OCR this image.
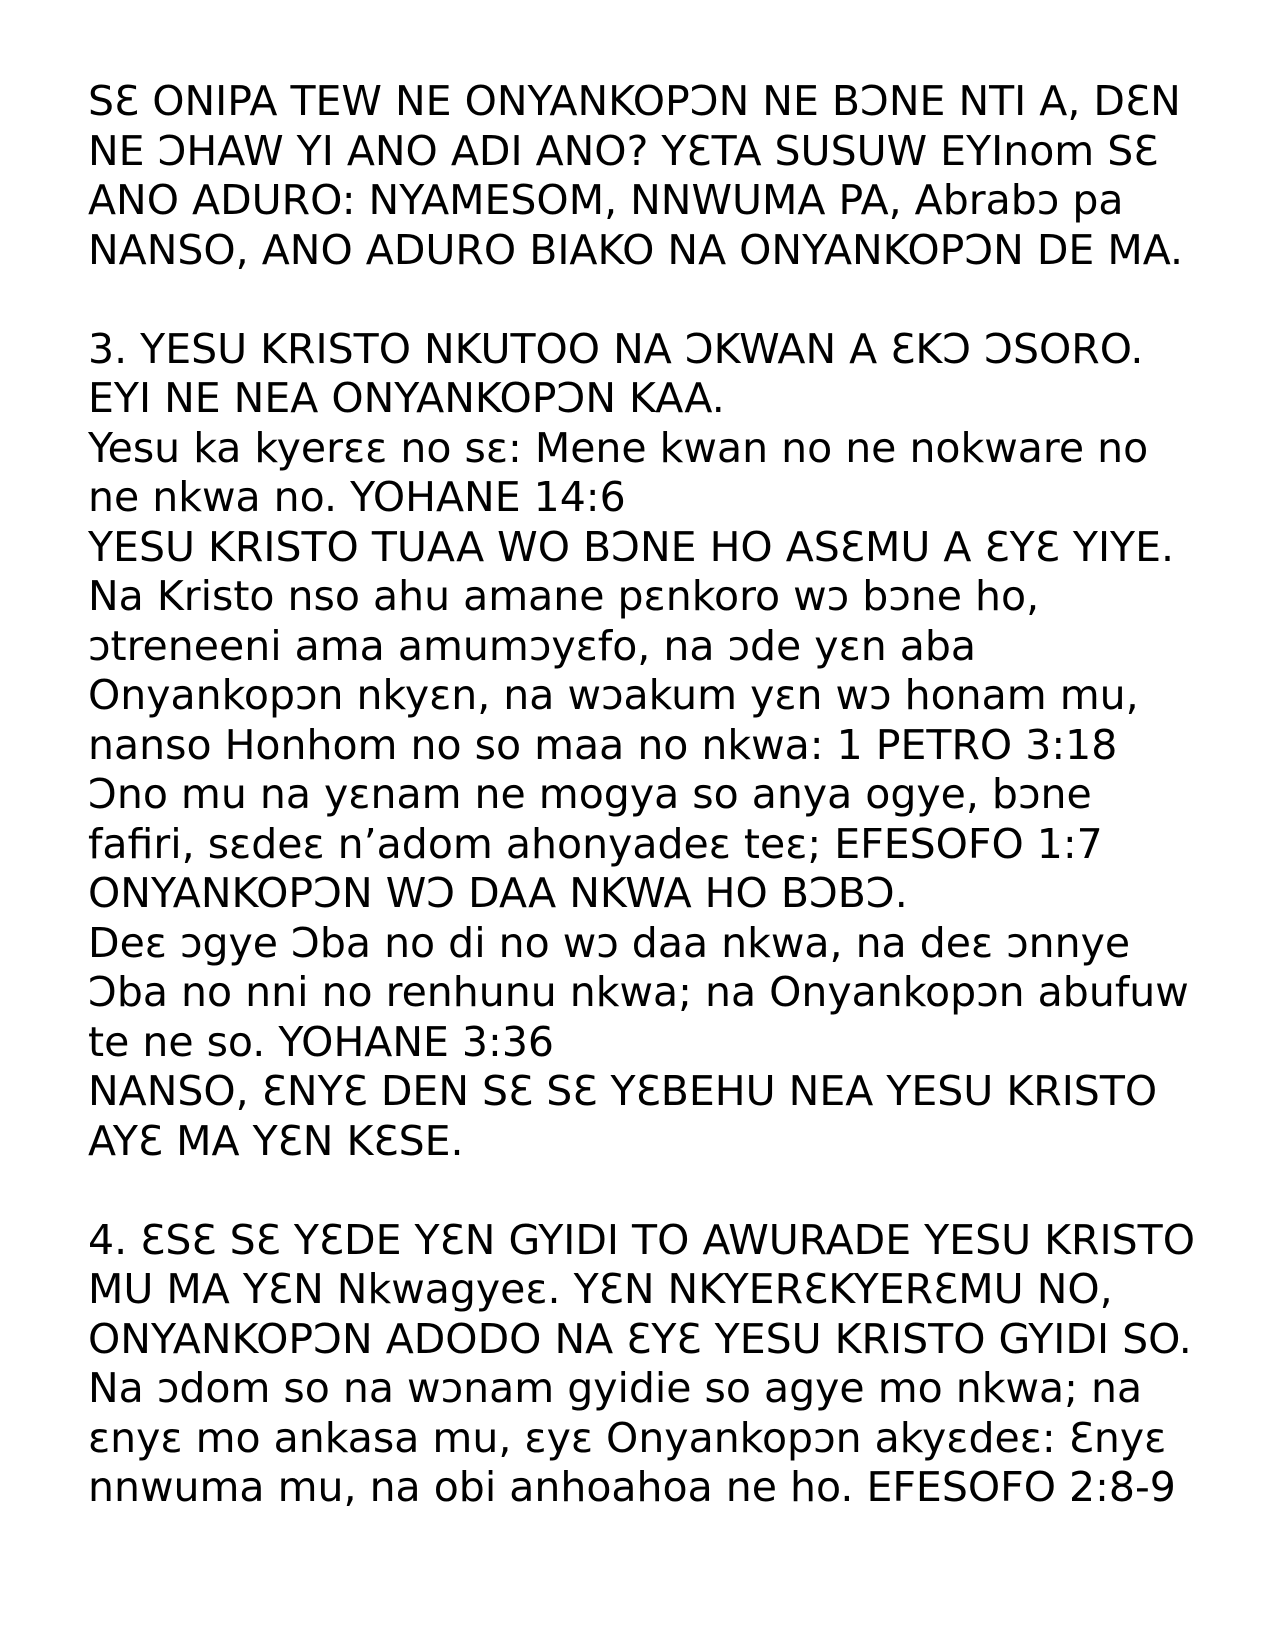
SƐ ONIPA TEW NE ONYANKOPƆN NE BƆNE NTI A, DƐN
NE ƆHAW YI ANO ADI ANO? YƐTA SUSUW EYInom SƐ
ANO ADURO: NYAMESOM, NNWUMA PA, Abrabɔ pa
NANSO, ANO ADURO BIAKO NA ONYANKOPƆN DE MA.
3. YESU KRISTO NKUTOO NA ƆKWAN A ƐKƆ ƆSORO.
EYI NE NEA ONYANKOPƆN KAA.
Yesu ka kyerɛɛ no sɛ: Mene kwan no ne nokware no
ne nkwa no. YOHANE 14:6
YESU KRISTO TUAA WO BƆNE HO ASƐMU A ƐYƐ YIYE.
Na Kristo nso ahu amane pɛnkoro wɔ bɔne ho,
ɔtreneeni ama amumɔyɛfo, na ɔde yɛn aba
Onyankopɔn nkyɛn, na wɔakum yɛn wɔ honam mu,
nanso Honhom no so maa no nkwa: 1 PETRO 3:18
Ɔno mu na yɛnam ne mogya so anya ogye, bɔne
fafiri, sɛdeɛ n’adom ahonyadeɛ teɛ; EFESOFO 1:7
ONYANKOPƆN WƆ DAA NKWA HO BƆBƆ.
Deɛ ɔgye Ɔba no di no wɔ daa nkwa, na deɛ ɔnnye
Ɔba no nni no renhunu nkwa; na Onyankopɔn abufuw
te ne so. YOHANE 3:36
NANSO, ƐNYƐ DEN SƐ SƐ YƐBEHU NEA YESU KRISTO
AYƐ MA YƐN KƐSE.
4. ƐSƐ SƐ YƐDE YƐN GYIDI TO AWURADE YESU KRISTO
MU MA YƐN Nkwagyeɛ. YƐN NKYERƐKYERƐMU NO,
ONYANKOPƆN ADODO NA ƐYƐ YESU KRISTO GYIDI SO.
Na ɔdom so na wɔnam gyidie so agye mo nkwa; na
ɛnyɛ mo ankasa mu, ɛyɛ Onyankopɔn akyɛdeɛ: Ɛnyɛ
nnwuma mu, na obi anhoahoa ne ho. EFESOFO 2:8-9
